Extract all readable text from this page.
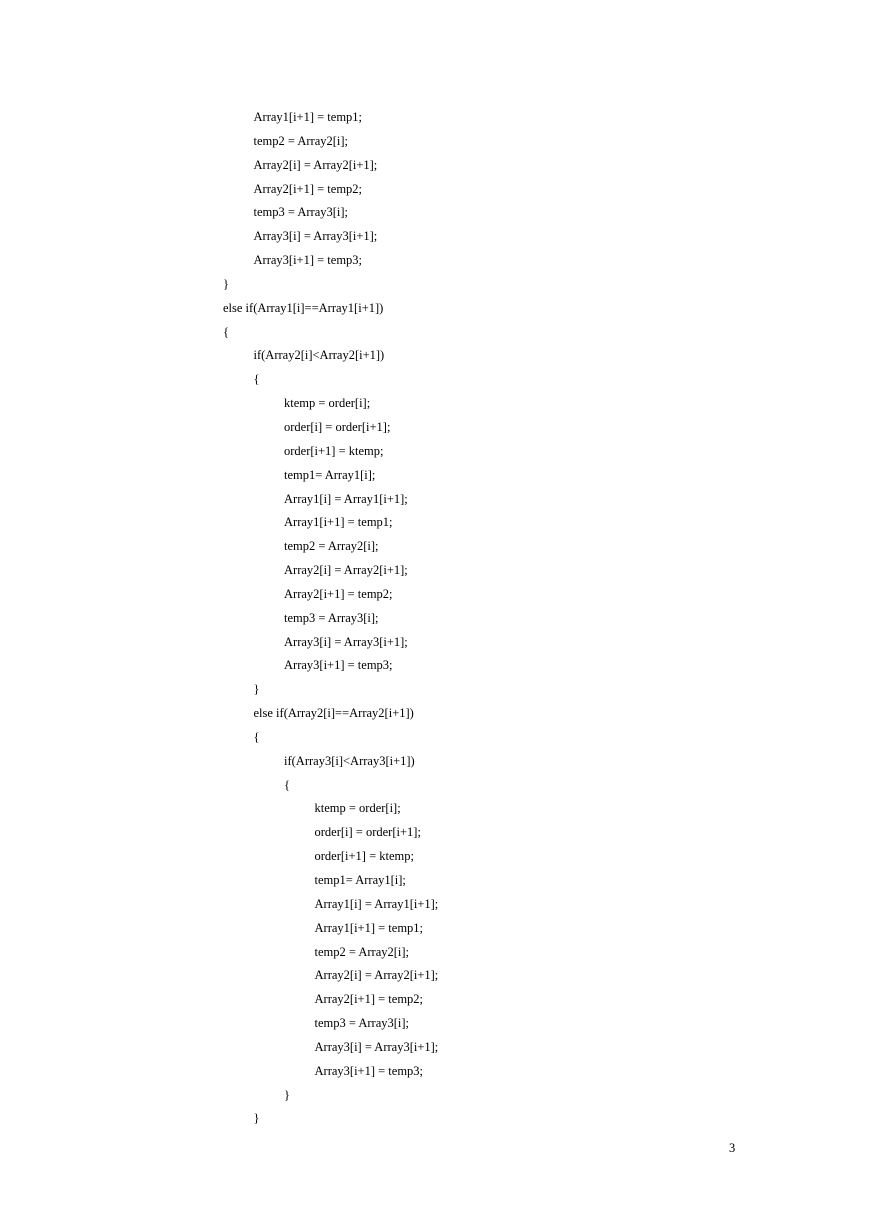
Array1[i+1] = temp1;
temp2 = Array2[i];
Array2[i] = Array2[i+1];
Array2[i+1] = temp2;
temp3 = Array3[i];
Array3[i] = Array3[i+1];
Array3[i+1] = temp3;
}
else if(Array1[i]==Array1[i+1])
{
if(Array2[i]<Array2[i+1])
{
ktemp = order[i];
order[i] = order[i+1];
order[i+1] = ktemp;
temp1= Array1[i];
Array1[i] = Array1[i+1];
Array1[i+1] = temp1;
temp2 = Array2[i];
Array2[i] = Array2[i+1];
Array2[i+1] = temp2;
temp3 = Array3[i];
Array3[i] = Array3[i+1];
Array3[i+1] = temp3;
}
else if(Array2[i]==Array2[i+1])
{
if(Array3[i]<Array3[i+1])
{
ktemp = order[i];
order[i] = order[i+1];
order[i+1] = ktemp;
temp1= Array1[i];
Array1[i] = Array1[i+1];
Array1[i+1] = temp1;
temp2 = Array2[i];
Array2[i] = Array2[i+1];
Array2[i+1] = temp2;
temp3 = Array3[i];
Array3[i] = Array3[i+1];
Array3[i+1] = temp3;
}
}
3
